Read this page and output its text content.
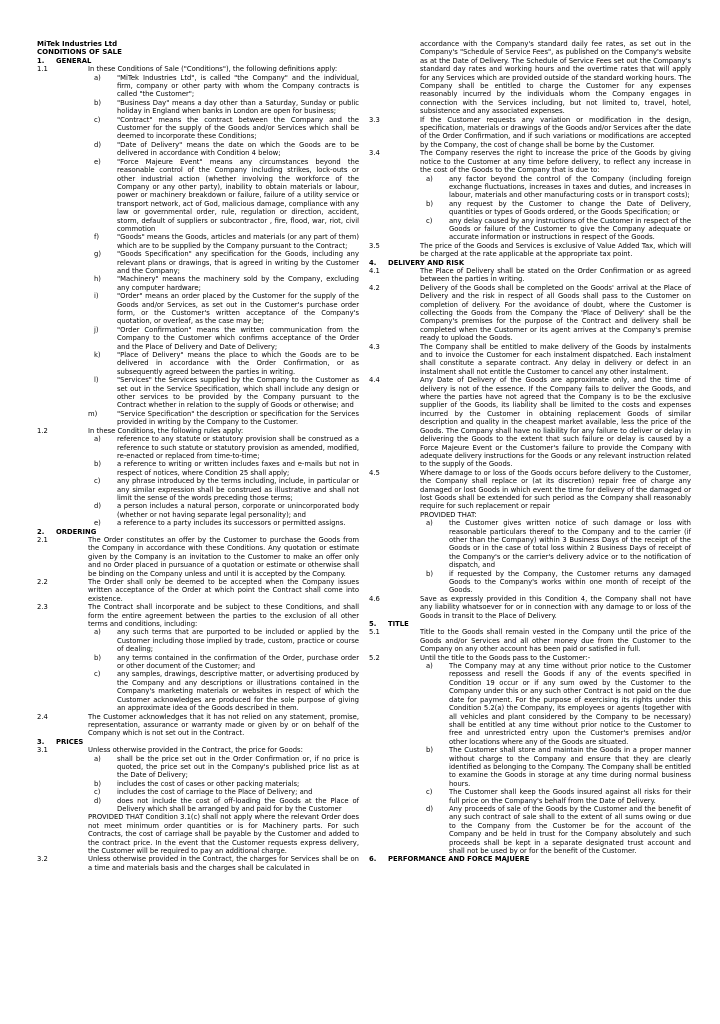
MiTek Industries Ltd
CONDITIONS OF SALE
1.	GENERAL
1.1	In these Conditions of Sale ("Conditions"), the following definitions apply:
a) "MiTek Industries Ltd", is called "the Company" and the individual, firm, company or other party with whom the Company contracts is called "the Customer";
b) "Business Day" means a day other than a Saturday, Sunday or public holiday in England when banks in London are open for business;
c) "Contract" means the contract between the Company and the Customer for the supply of the Goods and/or Services which shall be deemed to incorporate these Conditions;
d) "Date of Delivery" means the date on which the Goods are to be delivered in accordance with Condition 4 below;
e) "Force Majeure Event" means any circumstances beyond the reasonable control of the Company including strikes, lock-outs or other industrial action (whether involving the workforce of the Company or any other party), inability to obtain materials or labour, power or machinery breakdown or failure, failure of a utility service or transport network, act of God, malicious damage, compliance with any law or governmental order, rule, regulation or direction, accident, storm, default of suppliers or subcontractor , fire, flood, war, riot, civil commotion
f)	"Goods" means the Goods, articles and materials (or any part of them) which are to be supplied by the Company pursuant to the Contract;
g) "Goods Specification" any specification for the Goods, including any relevant plans or drawings, that is agreed in writing by the Customer and the Company;
h) "Machinery" means the machinery sold by the Company, excluding any computer hardware;
i)	"Order" means an order placed by the Customer for the supply of the Goods and/or Services, as set out in the Customer's purchase order form, or the Customer's written acceptance of the Company's quotation, or overleaf, as the case may be;
j)	"Order Confirmation" means the written communication from the Company to the Customer which confirms acceptance of the Order and the Place of Delivery and Date of Delivery;
k) "Place of Delivery" means the place to which the Goods are to be delivered in accordance with the Order Confirmation, or as subsequently agreed between the parties in writing.
l)	"Services" the Services supplied by the Company to the Customer as set out in the Service Specification, which shall include any design or other services to be provided by the Company pursuant to the Contract whether in relation to the supply of Goods or otherwise; and
m)	"Service Specification" the description or specification for the Services provided in writing by the Company to the Customer.
1.2	In these Conditions, the following rules apply:
a) reference to any statute or statutory provision shall be construed as a reference to such statute or statutory provision as amended, modified, re-enacted or replaced from time-to-time;
b) a reference to writing or written includes faxes and e-mails but not in respect of notices, where Condition 25 shall apply;
c) any phrase introduced by the terms including, include, in particular or any similar expression shall be construed as illustrative and shall not limit the sense of the words preceding those terms;
d) a person includes a natural person, corporate or unincorporated body (whether or not having separate legal personality); and
e) a reference to a party includes its successors or permitted assigns.
2.	ORDERING
2.1	The Order constitutes an offer by the Customer to purchase the Goods from the Company in accordance with these Conditions. Any quotation or estimate given by the Company is an invitation to the Customer to make an offer only and no Order placed in pursuance of a quotation or estimate or otherwise shall be binding on the Company unless and until it is accepted by the Company.
2.2	The Order shall only be deemed to be accepted when the Company issues written acceptance of the Order at which point the Contract shall come into existence.
2.3	The Contract shall incorporate and be subject to these Conditions, and shall form the entire agreement between the parties to the exclusion of all other terms and conditions, including:
a) any such terms that are purported to be included or applied by the Customer including those implied by trade, custom, practice or course of dealing;
b) any terms contained in the confirmation of the Order, purchase order or other document of the Customer; and
c) any samples, drawings, descriptive matter, or advertising produced by the Company and any descriptions or illustrations contained in the Company's marketing materials or websites in respect of which the Customer acknowledges are produced for the sole purpose of giving an approximate idea of the Goods described in them.
2.4	The Customer acknowledges that it has not relied on any statement, promise, representation, assurance or warranty made or given by or on behalf of the Company which is not set out in the Contract.
3.	PRICES
3.1	Unless otherwise provided in the Contract, the price for Goods:
a) shall be the price set out in the Order Confirmation or, if no price is quoted, the price set out in the Company's published price list as at the Date of Delivery;
b) includes the cost of cases or other packing materials;
c) includes the cost of carriage to the Place of Delivery; and
d) does not include the cost of off-loading the Goods at the Place of Delivery which shall be arranged by and paid for by the Customer
PROVIDED THAT Condition 3.1(c) shall not apply where the relevant Order does not meet minimum order quantities or is for Machinery parts. For such Contracts, the cost of carriage shall be payable by the Customer and added to the contract price. In the event that the Customer requests express delivery, the Customer will be required to pay an additional charge.
3.2	Unless otherwise provided in the Contract, the charges for Services shall be on a time and materials basis and the charges shall be calculated in
accordance with the Company's standard daily fee rates, as set out in the Company's "Schedule of Service Fees", as published on the Company's website as at the Date of Delivery. The Schedule of Service Fees set out the Company's standard day rates and working hours and the overtime rates that will apply for any Services which are provided outside of the standard working hours. The Company shall be entitled to charge the Customer for any expenses reasonably incurred by the individuals whom the Company engages in connection with the Services including, but not limited to, travel, hotel, subsistence and any associated expenses.
3.3	If the Customer requests any variation or modification in the design, specification, materials or drawings of the Goods and/or Services after the date of the Order Confirmation, and if such variations or modifications are accepted by the Company, the cost of change shall be borne by the Customer.
3.4	The Company reserves the right to increase the price of the Goods by giving notice to the Customer at any time before delivery, to reflect any increase in the cost of the Goods to the Company that is due to:
a) any factor beyond the control of the Company (including foreign exchange fluctuations, increases in taxes and duties, and increases in labour, materials and other manufacturing costs or in transport costs);
b) any request by the Customer to change the Date of Delivery, quantities or types of Goods ordered, or the Goods Specification; or
c) any delay caused by any instructions of the Customer in respect of the Goods or failure of the Customer to give the Company adequate or accurate information or instructions in respect of the Goods.
3.5	The price of the Goods and Services is exclusive of Value Added Tax, which will be charged at the rate applicable at the appropriate tax point.
4.	DELIVERY AND RISK
4.1	The Place of Delivery shall be stated on the Order Confirmation or as agreed between the parties in writing.
4.2	Delivery of the Goods shall be completed on the Goods' arrival at the Place of Delivery and the risk in respect of all Goods shall pass to the Customer on completion of delivery. For the avoidance of doubt, where the Customer is collecting the Goods from the Company the 'Place of Delivery' shall be the Company's premises for the purpose of the Contract and delivery shall be completed when the Customer or its agent arrives at the Company's premise ready to upload the Goods.
4.3	The Company shall be entitled to make delivery of the Goods by instalments and to invoice the Customer for each instalment dispatched. Each instalment shall constitute a separate contract. Any delay in delivery or defect in an instalment shall not entitle the Customer to cancel any other instalment.
4.4	Any Date of Delivery of the Goods are approximate only, and the time of delivery is not of the essence. If the Company fails to deliver the Goods, and where the parties have not agreed that the Company is to be the exclusive supplier of the Goods, its liability shall be limited to the costs and expenses incurred by the Customer in obtaining replacement Goods of similar description and quality in the cheapest market available, less the price of the Goods. The Company shall have no liability for any failure to deliver or delay in delivering the Goods to the extent that such failure or delay is caused by a Force Majeure Event or the Customer's failure to provide the Company with adequate delivery instructions for the Goods or any relevant instruction related to the supply of the Goods.
4.5	Where damage to or loss of the Goods occurs before delivery to the Customer, the Company shall replace or (at its discretion) repair free of charge any damaged or lost Goods in which event the time for delivery of the damaged or lost Goods shall be extended for such period as the Company shall reasonably require for such replacement or repair
PROVIDED THAT:
a) the Customer gives written notice of such damage or loss with reasonable particulars thereof to the Company and to the carrier (if other than the Company) within 3 Business Days of the receipt of the Goods or in the case of total loss within 2 Business Days of receipt of the Company's or the carrier's delivery advice or to the notification of dispatch, and
b) if requested by the Company, the Customer returns any damaged Goods to the Company's works within one month of receipt of the Goods.
4.6	Save as expressly provided in this Condition 4, the Company shall not have any liability whatsoever for or in connection with any damage to or loss of the Goods in transit to the Place of Delivery.
5.	TITLE
5.1	Title to the Goods shall remain vested in the Company until the price of the Goods and/or Services and all other money due from the Customer to the Company on any other account has been paid or satisfied in full.
5.2	Until the title to the Goods pass to the Customer:-
a) The Company may at any time without prior notice to the Customer repossess and resell the Goods if any of the events specified in Condition 19 occur or if any sum owed by the Customer to the Company under this or any such other Contract is not paid on the due date for payment. For the purpose of exercising its rights under this Condition 5.2(a) the Company, its employees or agents (together with all vehicles and plant considered by the Company to be necessary) shall be entitled at any time without prior notice to the Customer to free and unrestricted entry upon the Customer's premises and/or other locations where any of the Goods are situated.
b) The Customer shall store and maintain the Goods in a proper manner without charge to the Company and ensure that they are clearly identified as belonging to the Company. The Company shall be entitled to examine the Goods in storage at any time during normal business hours.
c) The Customer shall keep the Goods insured against all risks for their full price on the Company's behalf from the Date of Delivery.
d) Any proceeds of sale of the Goods by the Customer and the benefit of any such contract of sale shall to the extent of all sums owing or due to the Company from the Customer be for the account of the Company and be held in trust for the Company absolutely and such proceeds shall be kept in a separate designated trust account and shall not be used by or for the benefit of the Customer.
6.	PERFORMANCE AND FORCE MAJUERE
